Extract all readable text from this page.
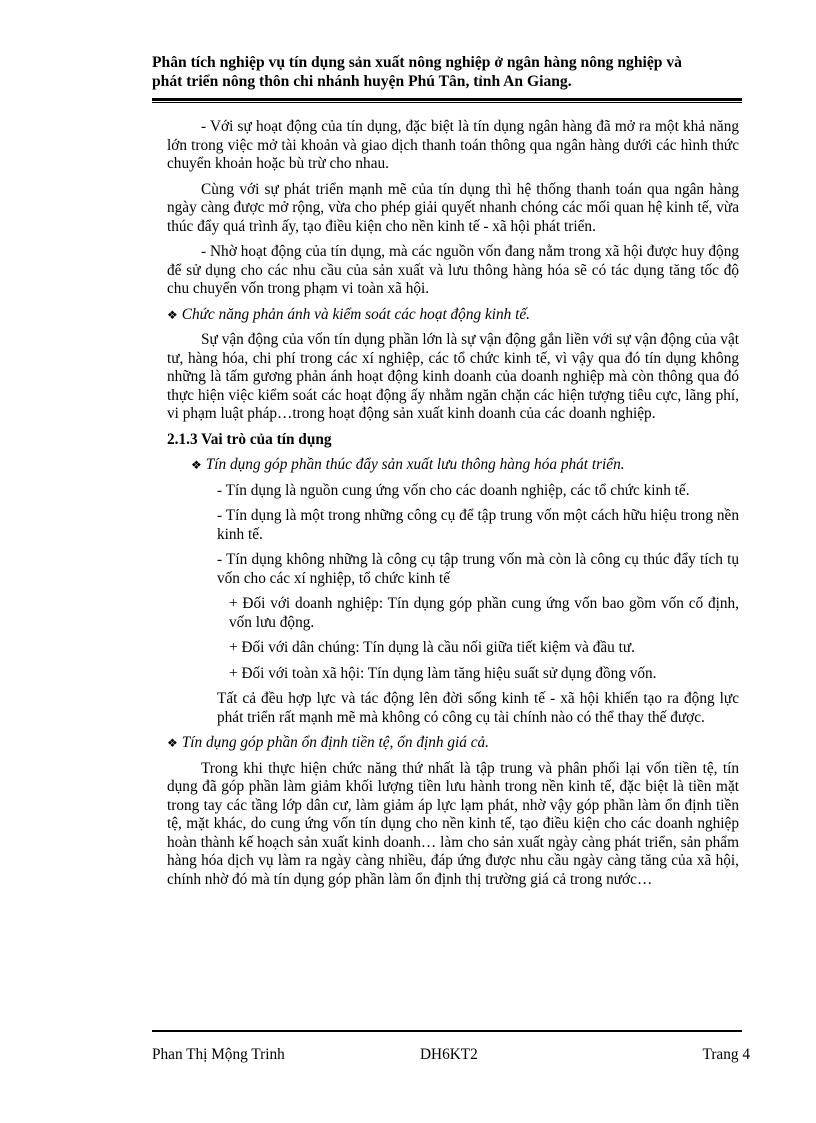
Phân tích nghiệp vụ tín dụng sản xuất nông nghiệp ở ngân hàng nông nghiệp và
phát triển nông thôn chi nhánh huyện Phú Tân, tỉnh An Giang.

- Với sự hoạt động của tín dụng, đặc biệt là tín dụng ngân hàng đã mở ra một khả năng lớn trong việc mở tài khoản và giao dịch thanh toán thông qua ngân hàng dưới các hình thức chuyển khoản hoặc bù trừ cho nhau.

Cùng với sự phát triển mạnh mẽ của tín dụng thì hệ thống thanh toán qua ngân hàng ngày càng được mở rộng, vừa cho phép giải quyết nhanh chóng các mối quan hệ kinh tế, vừa thúc đẩy quá trình ấy, tạo điều kiện cho nền kinh tế - xã hội phát triển.

- Nhờ hoạt động của tín dụng, mà các nguồn vốn đang nằm trong xã hội được huy động để sử dụng cho các nhu cầu của sản xuất và lưu thông hàng hóa sẽ có tác dụng tăng tốc độ chu chuyển vốn trong phạm vi toàn xã hội.

❖ Chức năng phản ánh và kiểm soát các hoạt động kinh tế.

Sự vận động của vốn tín dụng phần lớn là sự vận động gắn liền với sự vận động của vật tư, hàng hóa, chi phí trong các xí nghiệp, các tổ chức kinh tế, vì vậy qua đó tín dụng không những là tấm gương phản ánh hoạt động kinh doanh của doanh nghiệp mà còn thông qua đó thực hiện việc kiểm soát các hoạt động ấy nhằm ngăn chặn các hiện tượng tiêu cực, lãng phí, vi phạm luật pháp…trong hoạt động sản xuất kinh doanh của các doanh nghiệp.

2.1.3 Vai trò của tín dụng
❖ Tín dụng góp phần thúc đẩy sản xuất lưu thông hàng hóa phát triển.

- Tín dụng là nguồn cung ứng vốn cho các doanh nghiệp, các tổ chức kinh tế.

- Tín dụng là một trong những công cụ để tập trung vốn một cách hữu hiệu trong nền kinh tế.

- Tín dụng không những là công cụ tập trung vốn mà còn là công cụ thúc đẩy tích tụ vốn cho các xí nghiệp, tổ chức kinh tế

+ Đối với doanh nghiệp: Tín dụng góp phần cung ứng vốn bao gồm vốn cố định, vốn lưu động.

+ Đối với dân chúng: Tín dụng là cầu nối giữa tiết kiệm và đầu tư.

+ Đối với toàn xã hội: Tín dụng làm tăng hiệu suất sử dụng đồng vốn.

Tất cả đều hợp lực và tác động lên đời sống kinh tế - xã hội khiến tạo ra động lực phát triển rất mạnh mẽ mà không có công cụ tài chính nào có thể thay thế được.

❖ Tín dụng góp phần ổn định tiền tệ, ổn định giá cả.

Trong khi thực hiện chức năng thứ nhất là tập trung và phân phối lại vốn tiền tệ, tín dụng đã góp phần làm giảm khối lượng tiền lưu hành trong nền kinh tế, đặc biệt là tiền mặt trong tay các tầng lớp dân cư, làm giảm áp lực lạm phát, nhờ vậy góp phần làm ổn định tiền tệ, mặt khác, do cung ứng vốn tín dụng cho nền kinh tế, tạo điều kiện cho các doanh nghiệp hoàn thành kế hoạch sản xuất kinh doanh… làm cho sản xuất ngày càng phát triển, sản phẩm hàng hóa dịch vụ làm ra ngày càng nhiều, đáp ứng được nhu cầu ngày càng tăng của xã hội, chính nhờ đó mà tín dụng góp phần làm ổn định thị trường giá cả trong nước…

Phan Thị Mộng Trinh	DH6KT2	Trang 4
